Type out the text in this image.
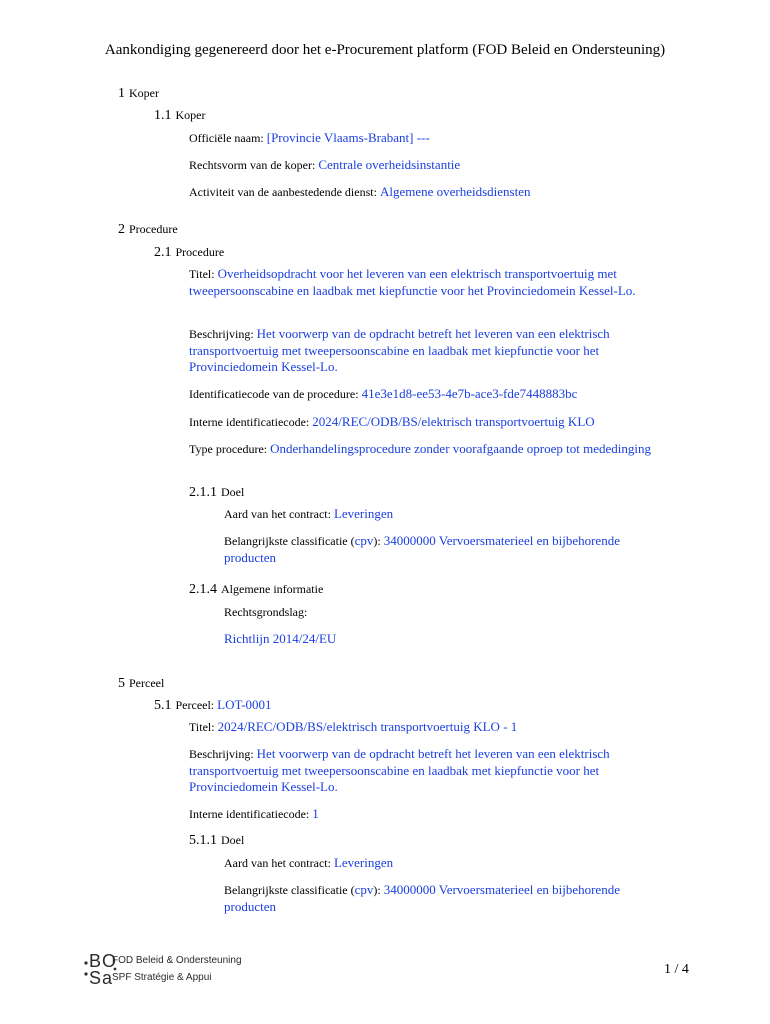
Aankondiging gegenereerd door het e-Procurement platform (FOD Beleid en Ondersteuning)
1 Koper
1.1 Koper
Officiële naam: [Provincie Vlaams-Brabant] ---
Rechtsvorm van de koper: Centrale overheidsinstantie
Activiteit van de aanbestedende dienst: Algemene overheidsdiensten
2 Procedure
2.1 Procedure
Titel: Overheidsopdracht voor het leveren van een elektrisch transportvoertuig met tweepersoonscabine en laadbak met kiepfunctie voor het Provinciedomein Kessel-Lo.
Beschrijving: Het voorwerp van de opdracht betreft het leveren van een elektrisch transportvoertuig met tweepersoonscabine en laadbak met kiepfunctie voor het Provinciedomein Kessel-Lo.
Identificatiecode van de procedure: 41e3e1d8-ee53-4e7b-ace3-fde7448883bc
Interne identificatiecode: 2024/REC/ODB/BS/elektrisch transportvoertuig KLO
Type procedure: Onderhandelingsprocedure zonder voorafgaande oproep tot mededinging
2.1.1 Doel
Aard van het contract: Leveringen
Belangrijkste classificatie (cpv): 34000000 Vervoersmaterieel en bijbehorende producten
2.1.4 Algemene informatie
Rechtsgrondslag:
Richtlijn 2014/24/EU
5 Perceel
5.1 Perceel: LOT-0001
Titel: 2024/REC/ODB/BS/elektrisch transportvoertuig KLO - 1
Beschrijving: Het voorwerp van de opdracht betreft het leveren van een elektrisch transportvoertuig met tweepersoonscabine en laadbak met kiepfunctie voor het Provinciedomein Kessel-Lo.
Interne identificatiecode: 1
5.1.1 Doel
Aard van het contract: Leveringen
Belangrijkste classificatie (cpv): 34000000 Vervoersmaterieel en bijbehorende producten
BO
Sa
FOD Beleid & Ondersteuning
SPF Stratégie & Appui
1 / 4
